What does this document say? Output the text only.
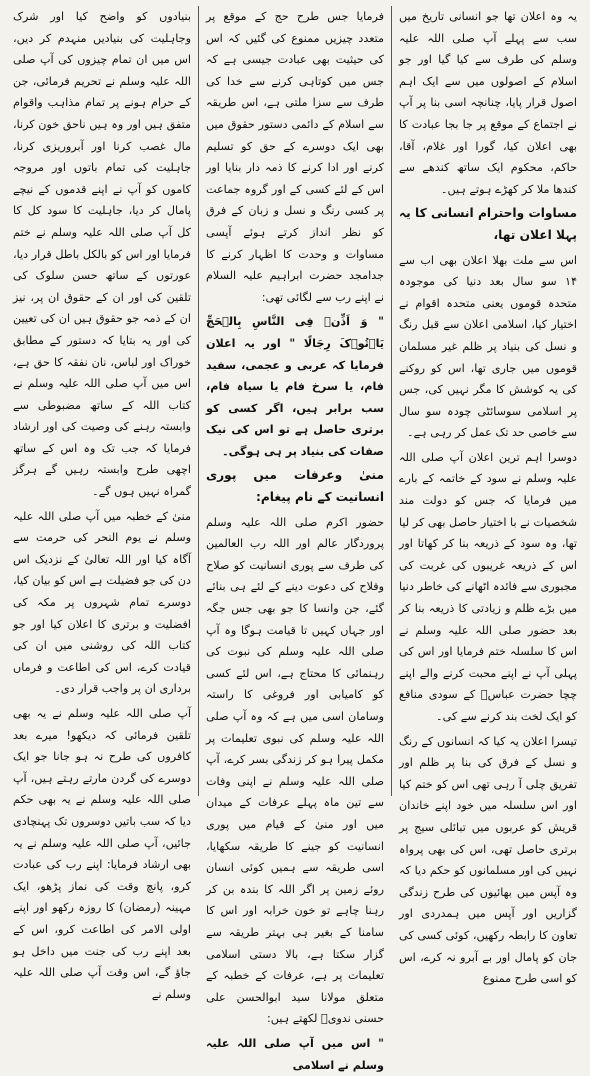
یہ وہ اعلان تھا جو انسانی تاریخ میں سب سے پہلے آپ صلی اللہ علیہ وسلم کی طرف سے کیا گیا اور جو اسلام کے اصولوں میں سے ایک اہم اصول قرار پایا، چنانچہ اسی بنا پر آپ نے اجتماع کے موقع پر جا بجا عبادت کا بھی اعلان کیا، گورا اور غلام، آقا، حاکم، محکوم ایک ساتھ کندھے سے کندھا ملا کر کھڑے ہوتے ہیں۔

مساوات واحترام انسانی کا یہ پہلا اعلان تھا،

اس سے ملت بھلا اعلان بھی اب سے ۱۴ سو سال بعد دنیا کی موجودہ متحدہ قوموں یعنی متحدہ اقوام نے اختیار کیا، اسلامی اعلان سے قبل رنگ و نسل کی بنیاد پر ظلم غیر مسلمان قوموں میں جاری تھا، اس کو روکنے کی یہ کوشش کا مگر نہیں کی، جس پر اسلامی سوسائٹی چودہ سو سال سے خاصی حد تک عمل کر رہی ہے۔

دوسرا اہم ترین اعلان آپ صلی اللہ علیہ وسلم نے سود کے خاتمہ کے بارے میں فرمایا کہ جس کو دولت مند شخصیات نے با اختیار حاصل بھی کر لیا تھا، وہ سود کے ذریعہ بنا کر کھاتا اور اس کے ذریعہ غریبوں کی غربت کی مجبوری سے فائدہ اٹھانے کی خاطر دنیا میں بڑے ظلم و زیادتی کا ذریعہ بنا کر بعد حضور صلی اللہ علیہ وسلم نے اس کا سلسلہ ختم فرمایا اور اس کی پہلی آپ نے اپنے محبت کرنے والے اپنے چچا حضرت عباسؓ کے سودی منافع کو ایک لخت بند کرنے سے کی۔

تیسرا اعلان یہ کیا کہ انسانوں کے رنگ و نسل کے فرق کی بنا پر ظلم اور تفریق چلی آ رہی تھی اس کو ختم کیا اور اس سلسلہ میں خود اپنے خاندان قریش کو عربوں میں تبائلی سیج پر برتری حاصل تھی، اس کی بھی پرواہ نہیں کی اور مسلمانوں کو حکم دیا کہ وہ آپس میں بھائیوں کی طرح زندگی گزاریں اور آپس میں ہمدردی اور تعاون کا رابطہ رکھیں، کوئی کسی کی جان کو پامال اور بے آبرو نہ کرے، اس کو اسی طرح ممنوع

فرمایا جس طرح حج کے موقع پر متعدد چیزیں ممنوع کی گئیں کہ اس کی حیثیت بھی عبادت جیسی ہے کہ جس میں کوتاہی کرنے سے خدا کی طرف سے سزا ملتی ہے، اس طریقہ سے اسلام کے دائمی دستور حقوق میں بھی ایک دوسرے کے حق کو تسلیم کرنے اور ادا کرنے کا ذمہ دار بنایا اور اس کے لئے کسی کے اور گروہ جماعت پر کسی رنگ و نسل و زبان کے فرق کو نظر انداز کرتے ہوئے آپسی مساوات و وحدت کا اظہار کرنے کا جدامجد حضرت ابراہیم علیہ السلام نے اپنے رب سے لگائی تھی:

" وَ اَذِّنۡ فِی النَّاسِ بِالۡحَجِّ یَاۡتُوۡکَ رِجَالًا " اور یہ اعلان فرمایا کہ عربی و عجمی، سفید فام، یا سرخ فام یا سیاہ فام، سب برابر ہیں، اگر کسی کو برتری حاصل ہے تو اس کی نیک صفات کی بنیاد پر ہی ہوگی۔

منیٰ وعرفات میں پوری انسانیت کے نام پیغام:

حضور اکرم صلی اللہ علیہ وسلم پروردگار عالم اور اللہ رب العالمین کی طرف سے پوری انسانیت کو صلاح وفلاح کی دعوت دینے کے لئے ہی بنائے گئے، جن وانسا کا جو بھی جس جگہ اور جہاں کہیں تا قیامت ہوگا وہ آپ صلی اللہ علیہ وسلم کی نبوت کی رہنمائی کا محتاج ہے، اس لئے کسی کو کامیابی اور فروغی کا راستہ وسامان اسی میں ہے کہ وہ آپ صلی اللہ علیہ وسلم کی نبوی تعلیمات پر مکمل پیرا ہو کر زندگی بسر کرے، آپ صلی اللہ علیہ وسلم نے اپنی وفات سے تین ماہ پہلے عرفات کے میدان میں اور منیٰ کے قیام میں پوری انسانیت کو جینے کا طریقہ سکھایا، اسی طریقہ سے ہمیں کوئی انسان روئے زمین پر اگر اللہ کا بندہ بن کر رہنا چاہے تو خون خرابہ اور اس کا سامنا کے بغیر ہی بہتر طریقہ سے گزار سکتا ہے، بالا دستی اسلامی تعلیمات پر ہے، عرفات کے خطبہ کے متعلق مولانا سید ابوالحسن علی حسنی ندویؒ لکھتے ہیں:

" اس میں آپ صلی اللہ علیہ وسلم نے اسلامی

بنیادوں کو واضح کیا اور شرک وجاہلیت کی بنیادیں منہدم کر دیں، اس میں ان تمام چیزوں کی آپ صلی اللہ علیہ وسلم نے تحریم فرمائی، جن کے حرام ہونے پر تمام مذاہب واقوام متفق ہیں اور وہ ہیں ناحق خون کرنا، مال غصب کرنا اور آبروریزی کرنا، جاہلیت کی تمام باتوں اور مروجہ کاموں کو آپ نے اپنے قدموں کے نیچے پامال کر دیا، جاہلیت کا سود کل کا کل آپ صلی اللہ علیہ وسلم نے ختم فرمایا اور اس کو بالکل باطل قرار دیا، عورتوں کے ساتھ حسن سلوک کی تلقین کی اور ان کے حقوق ان پر، نیز ان کے ذمہ جو حقوق ہیں ان کی تعیین کی اور یہ بتایا کہ دستور کے مطابق خوراک اور لباس، نان نفقہ کا حق ہے، اس میں آپ صلی اللہ علیہ وسلم نے کتاب اللہ کے ساتھ مضبوطی سے وابستہ رہنے کی وصیت کی اور ارشاد فرمایا کہ جب تک وہ اس کے ساتھ اچھی طرح وابستہ رہیں گے ہرگز گمراہ نہیں ہوں گے۔

منیٰ کے خطبہ میں آپ صلی اللہ علیہ وسلم نے یوم النحر کی حرمت سے آگاہ کیا اور اللہ تعالیٰ کے نزدیک اس دن کی جو فضیلت ہے اس کو بیان کیا، دوسرے تمام شہروں پر مکہ کی افضلیت و برتری کا اعلان کیا اور جو کتاب اللہ کی روشنی میں ان کی قیادت کرے، اس کی اطاعت و فرماں برداری ان پر واجب قرار دی۔

آپ صلی اللہ علیہ وسلم نے یہ بھی تلقین فرمائی کہ دیکھو! میرے بعد کافروں کی طرح نہ ہو جانا جو ایک دوسرے کی گردن مارتے رہتے ہیں، آپ صلی اللہ علیہ وسلم نے یہ بھی حکم دیا کہ سب باتیں دوسروں تک پہنچادی جائیں، آپ صلی اللہ علیہ وسلم نے یہ بھی ارشاد فرمایا: اپنے رب کی عبادت کرو، پانچ وقت کی نماز پڑھو، ایک مہینہ (رمضان) کا روزہ رکھو اور اپنے اولی الامر کی اطاعت کرو، اس کے بعد اپنے رب کی جنت میں داخل ہو جاؤ گے، اس وقت آپ صلی اللہ علیہ وسلم نے
